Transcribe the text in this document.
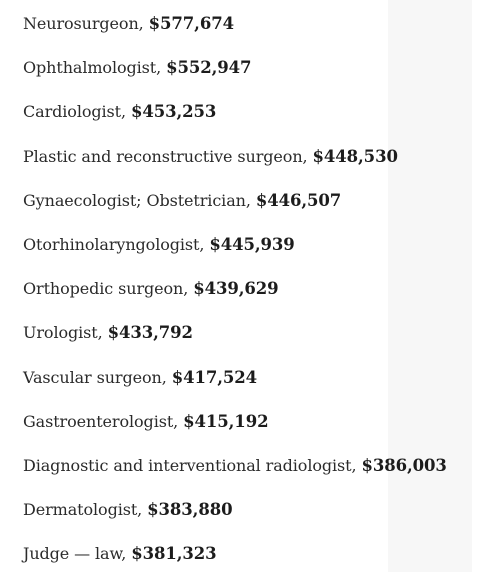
Neurosurgeon, $577,674
Ophthalmologist, $552,947
Cardiologist, $453,253
Plastic and reconstructive surgeon, $448,530
Gynaecologist; Obstetrician, $446,507
Otorhinolaryngologist, $445,939
Orthopedic surgeon, $439,629
Urologist, $433,792
Vascular surgeon, $417,524
Gastroenterologist, $415,192
Diagnostic and interventional radiologist, $386,003
Dermatologist, $383,880
Judge — law, $381,323
